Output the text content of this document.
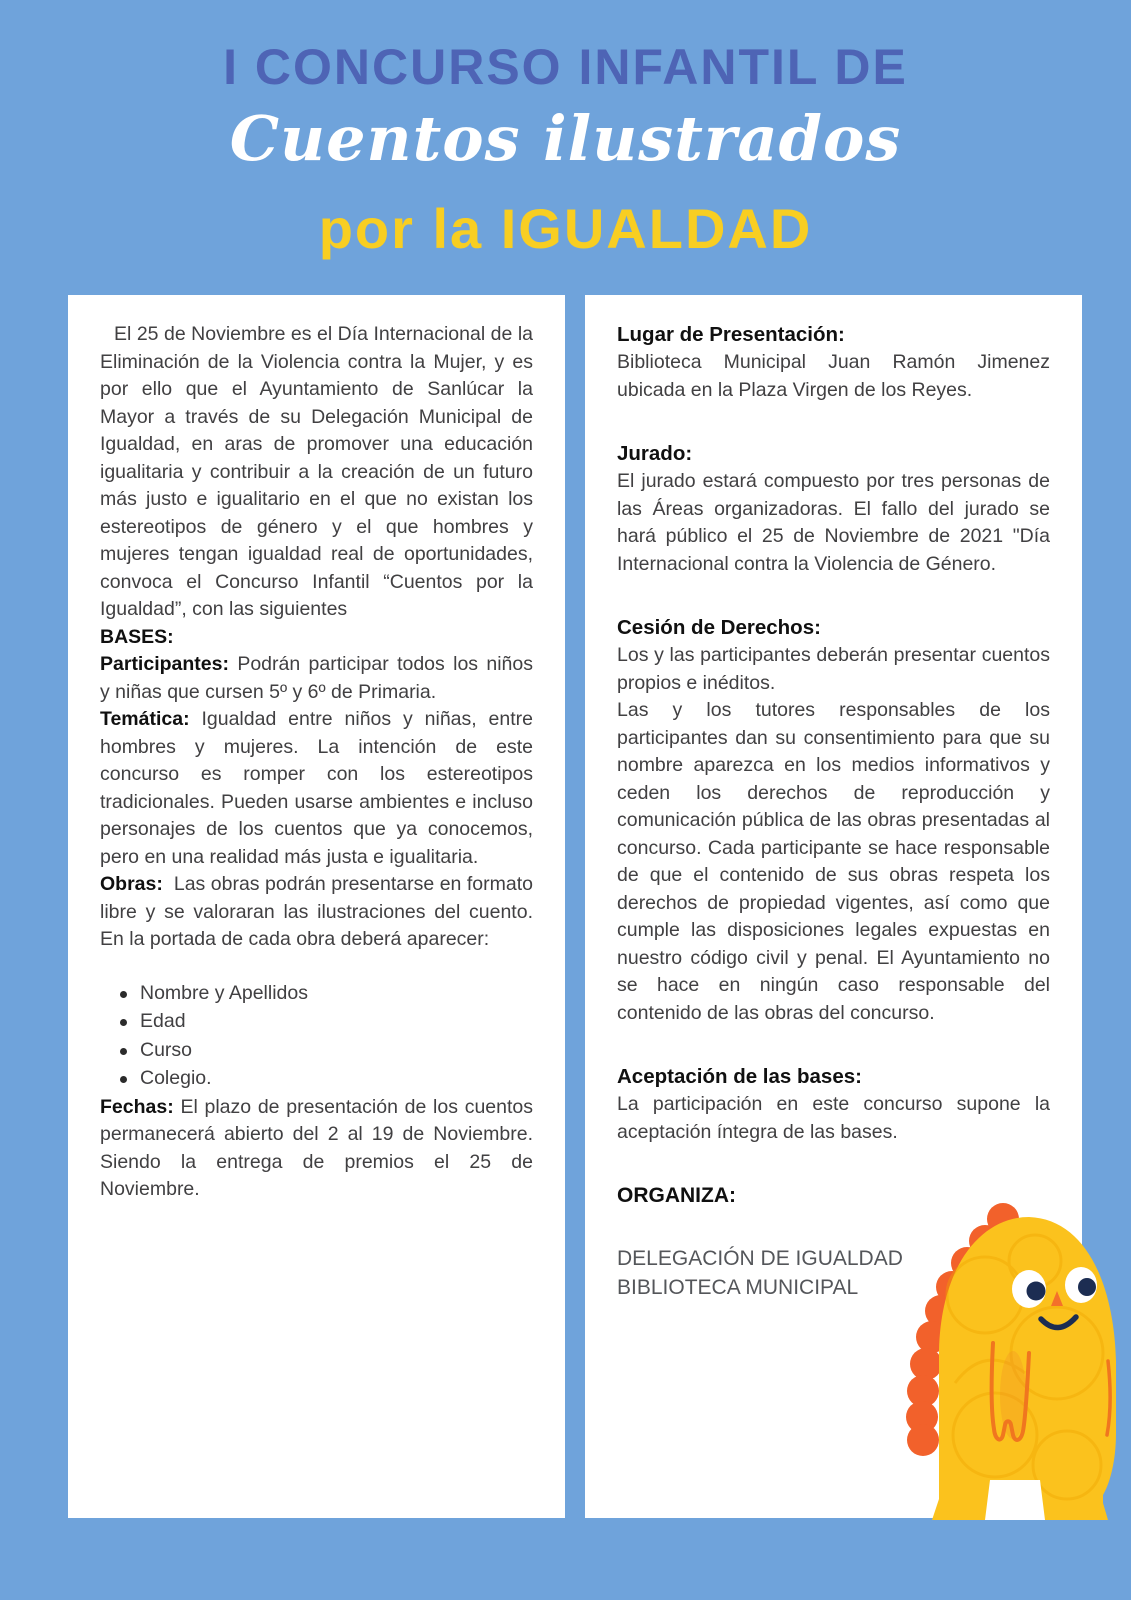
I CONCURSO INFANTIL DE
Cuentos ilustrados
por la IGUALDAD

El 25 de Noviembre es el Día Internacional de la Eliminación de la Violencia contra la Mujer, y es por ello que el Ayuntamiento de Sanlúcar la Mayor a través de su Delegación Municipal de Igualdad, en aras de promover una educación igualitaria y contribuir a la creación de un futuro más justo e igualitario en el que no existan los estereotipos de género y el que hombres y mujeres tengan igualdad real de oportunidades, convoca el Concurso Infantil “Cuentos por la Igualdad”, con las siguientes

BASES:

Participantes: Podrán participar todos los niños y niñas que cursen 5º y 6º de Primaria.

Temática: Igualdad entre niños y niñas, entre hombres y mujeres. La intención de este concurso es romper con los estereotipos tradicionales. Pueden usarse ambientes e incluso personajes de los cuentos que ya conocemos, pero en una realidad más justa e igualitaria.

Obras: Las obras podrán presentarse en formato libre y se valoraran las ilustraciones del cuento. En la portada de cada obra deberá aparecer:

Nombre y Apellidos
Edad
Curso
Colegio.

Fechas: El plazo de presentación de los cuentos permanecerá abierto del 2 al 19 de Noviembre. Siendo la entrega de premios el 25 de Noviembre.

Lugar de Presentación:

Biblioteca Municipal Juan Ramón Jimenez ubicada en la Plaza Virgen de los Reyes.

Jurado:

El jurado estará compuesto por tres personas de las Áreas organizadoras. El fallo del jurado se hará público el 25 de Noviembre de 2021 "Día Internacional contra la Violencia de Género.

Cesión de Derechos:

Los y las participantes deberán presentar cuentos propios e inéditos.

Las y los tutores responsables de los participantes dan su consentimiento para que su nombre aparezca en los medios informativos y ceden los derechos de reproducción y comunicación pública de las obras presentadas al concurso. Cada participante se hace responsable de que el contenido de sus obras respeta los derechos de propiedad vigentes, así como que cumple las disposiciones legales expuestas en nuestro código civil y penal. El Ayuntamiento no se hace en ningún caso responsable del contenido de las obras del concurso.

Aceptación de las bases:

La participación en este concurso supone la aceptación íntegra de las bases.

ORGANIZA:

DELEGACIÓN DE IGUALDAD
BIBLIOTECA MUNICIPAL
